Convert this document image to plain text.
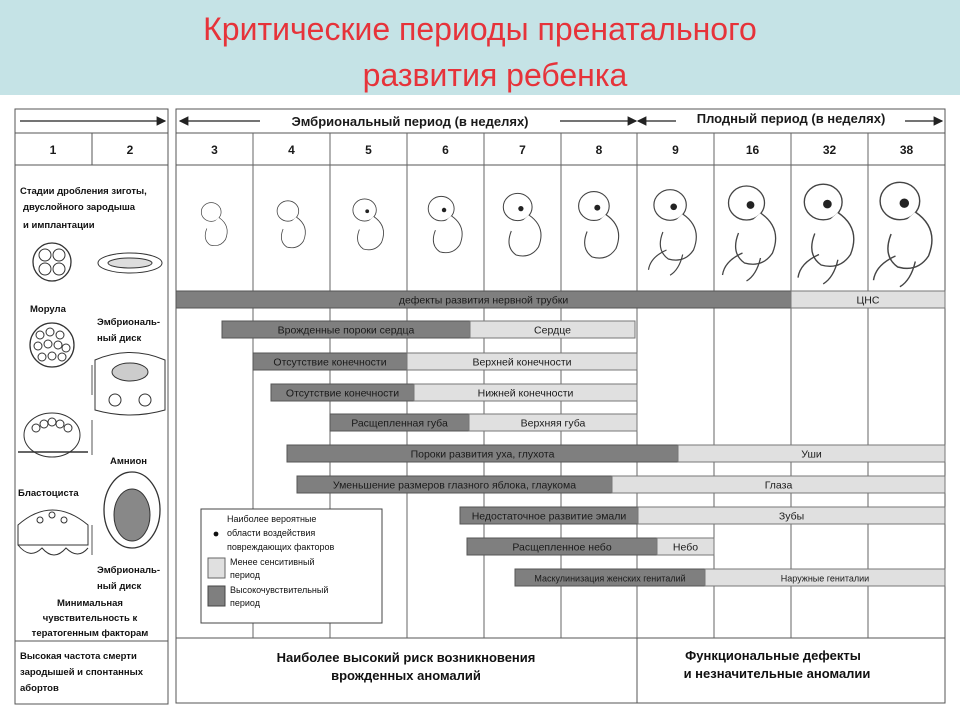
Критические периоды пренатального
развития ребенка
1	2
Стадии дробления зиготы,
двуслойного зародыша
и имплантации
Морула
Эмбриональ-
ный диск
Амнион
Бластоциста
Эмбриональ-
ный диск
Минимальная
чувствительность к
тератогенным факторам
Высокая частота смерти
зародышей и спонтанных
абортов
Эмбриональный период (в неделях)	Плодный период (в неделях)
3	4	5	6	7	8	9	16	32	38
дефекты развития нервной трубки	ЦНС
Врожденные пороки сердца	Сердце
Отсутствие конечности	Верхней конечности
Отсутствие конечности	Нижней конечности
Расщепленная губа	Верхняя губа
Пороки развития уха, глухота	Уши
Уменьшение размеров глазного яблока, глаукома	Глаза
Недостаточное развитие эмали	Зубы
Расщепленное небо	Небо
Маскулинизация женских гениталий	Наружные гениталии
Наиболее вероятные
области воздействия
повреждающих факторов
Менее сенситивный
период
Высокочувствительный
период
Наиболее высокий риск возникновения
врожденных аномалий
Функциональные дефекты
и незначительные аномалии
